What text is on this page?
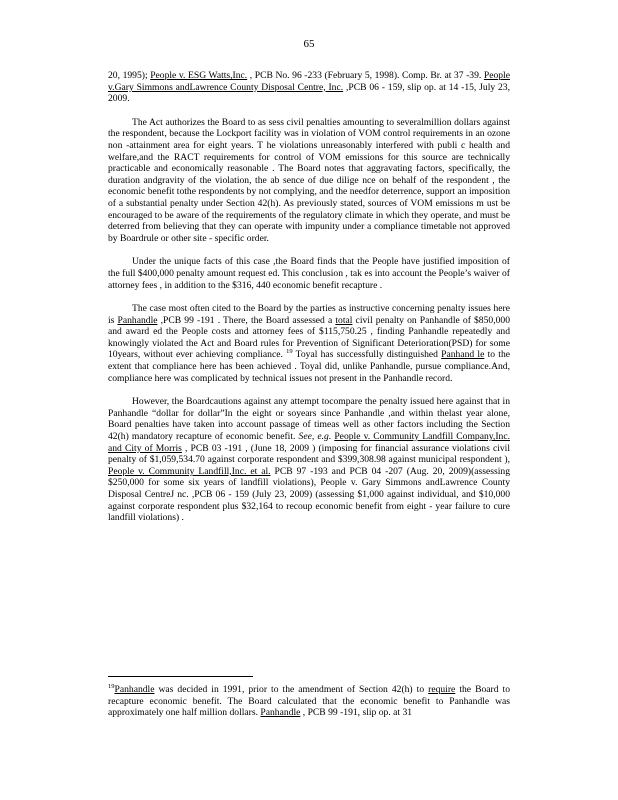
65

20, 1995); People v. ESG Watts,Inc. , PCB No. 96 -233 (February 5, 1998). Comp. Br. at 37 -39. People v.Gary Simmons andLawrence County Disposal Centre, Inc. ,PCB 06 - 159, slip op. at 14 -15, July 23, 2009.

The Act authorizes the Board to as sess civil penalties amounting to severalmillion dollars against the respondent, because the Lockport facility was in violation of VOM control requirements in an ozone non -attainment area for eight years. T he violations unreasonably interfered with publi c health and welfare,and the RACT requirements for control of VOM emissions for this source are technically practicable and economically reasonable . The Board notes that aggravating factors, specifically, the duration andgravity of the violation, the ab sence of due dilige nce on behalf of the respondent , the economic benefit tothe respondents by not complying, and the needfor deterrence, support an imposition of a substantial penalty under Section 42(h). As previously stated, sources of VOM emissions m ust be encouraged to be aware of the requirements of the regulatory climate in which they operate, and must be deterred from believing that they can operate with impunity under a compliance timetable not approved by Boardrule or other site - specific order.

Under the unique facts of this case ,the Board finds that the People have justified imposition of the full $400,000 penalty amount request ed. This conclusion , tak es into account the People’s waiver of attorney fees , in addition to the $316, 440 economic benefit recapture .

The case most often cited to the Board by the parties as instructive concerning penalty issues here is Panhandle ,PCB 99 -191 . There, the Board assessed a total civil penalty on Panhandle of $850,000 and award ed the People costs and attorney fees of $115,750.25 , finding Panhandle repeatedly and knowingly violated the Act and Board rules for Prevention of Significant Deterioration(PSD) for some 10years, without ever achieving compliance. $^{19}$ Toyal has successfully distinguished Panhand le to the extent that compliance here has been achieved . Toyal did, unlike Panhandle, pursue compliance.And, compliance here was complicated by technical issues not present in the Panhandle record.

However, the Boardcautions against any attempt tocompare the penalty issued here against that in Panhandle “dollar for dollar”In the eight or soyears since Panhandle ,and within thelast year alone, Board penalties have taken into account passage of timeas well as other factors including the Section 42(h) mandatory recapture of economic benefit. See, e.g. People v. Community Landfill Company,Inc. and City of Morris , PCB 03 -191 , (June 18, 2009 ) (imposing for financial assurance violations civil penalty of $1,059,534.70 against corporate respondent and $399,308.98 against municipal respondent ), People v. Community Landfill,Inc. et al. PCB 97 -193 and PCB 04 -207 (Aug. 20, 2009)(assessing $250,000 for some six years of landfill violations), People v. Gary Simmons andLawrence County Disposal CentreJ nc. ,PCB 06 - 159 (July 23, 2009) (assessing $1,000 against individual, and $10,000 against corporate respondent plus $32,164 to recoup economic benefit from eight - year failure to cure landfill violations) .

$^{19}$Panhandle was decided in 1991, prior to the amendment of Section 42(h) to require the Board to recapture economic benefit. The Board calculated that the economic benefit to Panhandle was approximately one half million dollars. Panhandle , PCB 99 -191, slip op. at 31
